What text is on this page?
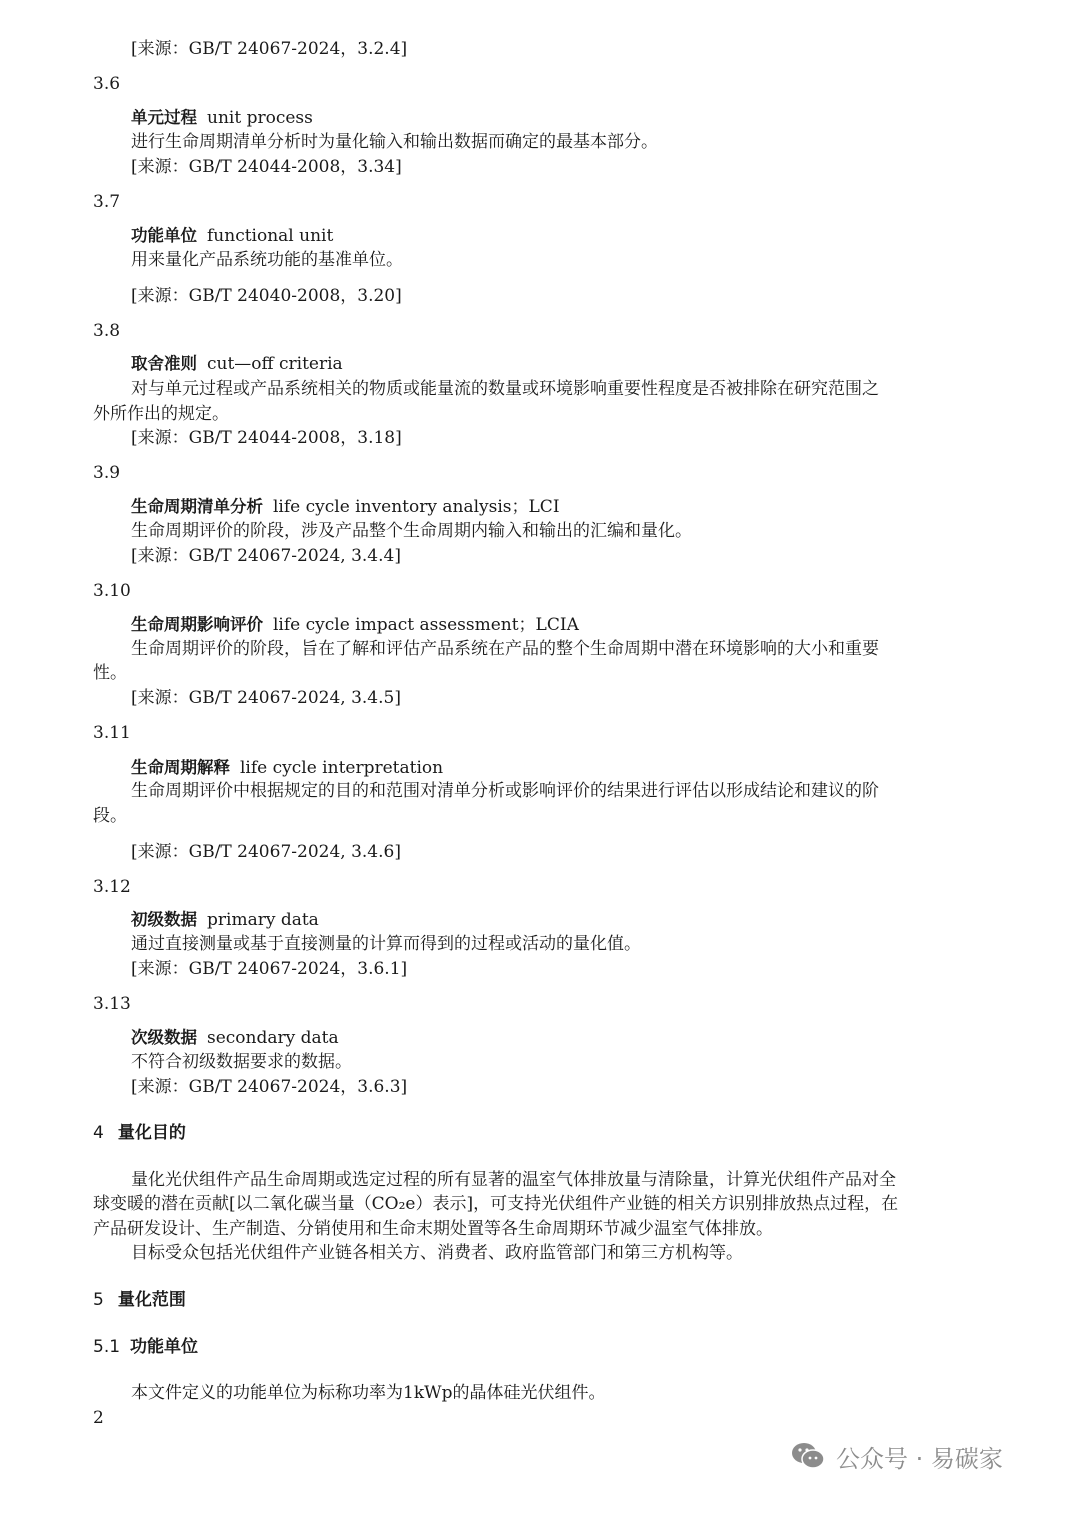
[来源：GB/T 24067-2024，3.2.4]
3.6
单元过程 unit process
进行生命周期清单分析时为量化输入和输出数据而确定的最基本部分。
[来源：GB/T 24044-2008，3.34]
3.7
功能单位 functional unit
用来量化产品系统功能的基准单位。
[来源：GB/T 24040-2008，3.20]
3.8
取舍准则 cut—off criteria
对与单元过程或产品系统相关的物质或能量流的数量或环境影响重要性程度是否被排除在研究范围之
外所作出的规定。
[来源：GB/T 24044-2008，3.18]
3.9
生命周期清单分析 life cycle inventory analysis；LCI
生命周期评价的阶段，涉及产品整个生命周期内输入和输出的汇编和量化。
[来源：GB/T 24067-2024, 3.4.4]
3.10
生命周期影响评价 life cycle impact assessment；LCIA
生命周期评价的阶段，旨在了解和评估产品系统在产品的整个生命周期中潜在环境影响的大小和重要
性。
[来源：GB/T 24067-2024, 3.4.5]
3.11
生命周期解释 life cycle interpretation
生命周期评价中根据规定的目的和范围对清单分析或影响评价的结果进行评估以形成结论和建议的阶
段。
[来源：GB/T 24067-2024, 3.4.6]
3.12
初级数据 primary data
通过直接测量或基于直接测量的计算而得到的过程或活动的量化值。
[来源：GB/T 24067-2024，3.6.1]
3.13
次级数据 secondary data
不符合初级数据要求的数据。
[来源：GB/T 24067-2024，3.6.3]
4 量化目的
量化光伏组件产品生命周期或选定过程的所有显著的温室气体排放量与清除量，计算光伏组件产品对全
球变暖的潜在贡献[以二氧化碳当量（CO₂e）表示]，可支持光伏组件产业链的相关方识别排放热点过程，在
产品研发设计、生产制造、分销使用和生命末期处置等各生命周期环节减少温室气体排放。
目标受众包括光伏组件产业链各相关方、消费者、政府监管部门和第三方机构等。
5 量化范围
5.1 功能单位
本文件定义的功能单位为标称功率为1kWp的晶体硅光伏组件。
2
公众号 · 易碳家
